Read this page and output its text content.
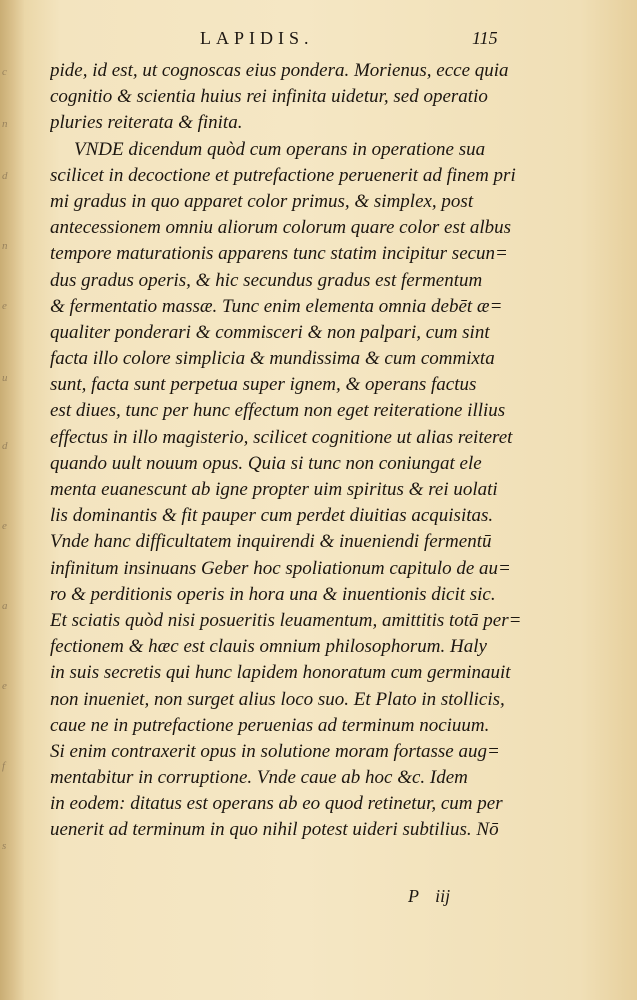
c
n
d
n
e
u
d
e
a
e
f
s
LAPIDIS.	115
pide, id est, ut cognoscas eius pondera. Morienus, ecce quia
cognitio & scientia huius rei infinita uidetur, sed operatio
pluries reiterata & finita.
VNDE dicendum quòd cum operans in operatione sua
scilicet in decoctione et putrefactione peruenerit ad finem pri
mi gradus in quo apparet color primus, & simplex, post
antecessionem omniu aliorum colorum quare color est albus
tempore maturationis apparens tunc statim incipitur secun=
dus gradus operis, & hic secundus gradus est fermentum
& fermentatio massæ. Tunc enim elementa omnia debēt æ=
qualiter ponderari & commisceri & non palpari, cum sint
facta illo colore simplicia & mundissima & cum commixta
sunt, facta sunt perpetua super ignem, & operans factus
est diues, tunc per hunc effectum non eget reiteratione illius
effectus in illo magisterio, scilicet cognitione ut alias reiteret
quando uult nouum opus. Quia si tunc non coniungat ele
menta euanescunt ab igne propter uim spiritus & rei uolati
lis dominantis & fit pauper cum perdet diuitias acquisitas.
Vnde hanc difficultatem inquirendi & inueniendi fermentū
infinitum insinuans Geber hoc spoliationum capitulo de au=
ro & perditionis operis in hora una & inuentionis dicit sic.
Et sciatis quòd nisi posueritis leuamentum, amittitis totā per=
fectionem & hæc est clauis omnium philosophorum. Haly
in suis secretis qui hunc lapidem honoratum cum germinauit
non inueniet, non surget alius loco suo. Et Plato in stollicis,
caue ne in putrefactione peruenias ad terminum nociuum.
Si enim contraxerit opus in solutione moram fortasse aug=
mentabitur in corruptione. Vnde caue ab hoc &c. Idem
in eodem: ditatus est operans ab eo quod retinetur, cum per
uenerit ad terminum in quo nihil potest uideri subtilius. Nō
P iij
